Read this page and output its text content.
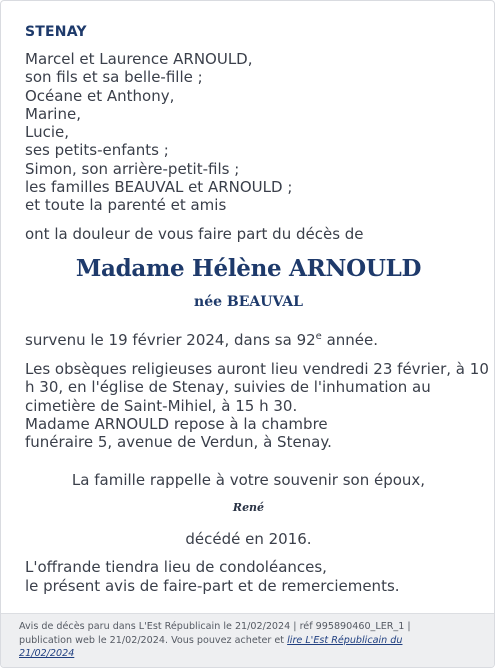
STENAY
Marcel et Laurence ARNOULD,
son fils et sa belle-fille ;
Océane et Anthony,
Marine,
Lucie,
ses petits-enfants ;
Simon, son arrière-petit-fils ;
les familles BEAUVAL et ARNOULD ;
et toute la parenté et amis
ont la douleur de vous faire part du décès de
Madame Hélène ARNOULD
née BEAUVAL
survenu le 19 février 2024, dans sa 92e année.
Les obsèques religieuses auront lieu vendredi 23 février, à 10
h 30, en l'église de Stenay, suivies de l'inhumation au
cimetière de Saint-Mihiel, à 15 h 30.
Madame ARNOULD repose à la chambre
funéraire 5, avenue de Verdun, à Stenay.
La famille rappelle à votre souvenir son époux,
René
décédé en 2016.
L'offrande tiendra lieu de condoléances,
le présent avis de faire-part et de remerciements.
Avis de décès paru dans L'Est Républicain le 21/02/2024 | réf 995890460_LER_1 |
publication web le 21/02/2024. Vous pouvez acheter et lire L'Est Républicain du
21/02/2024
